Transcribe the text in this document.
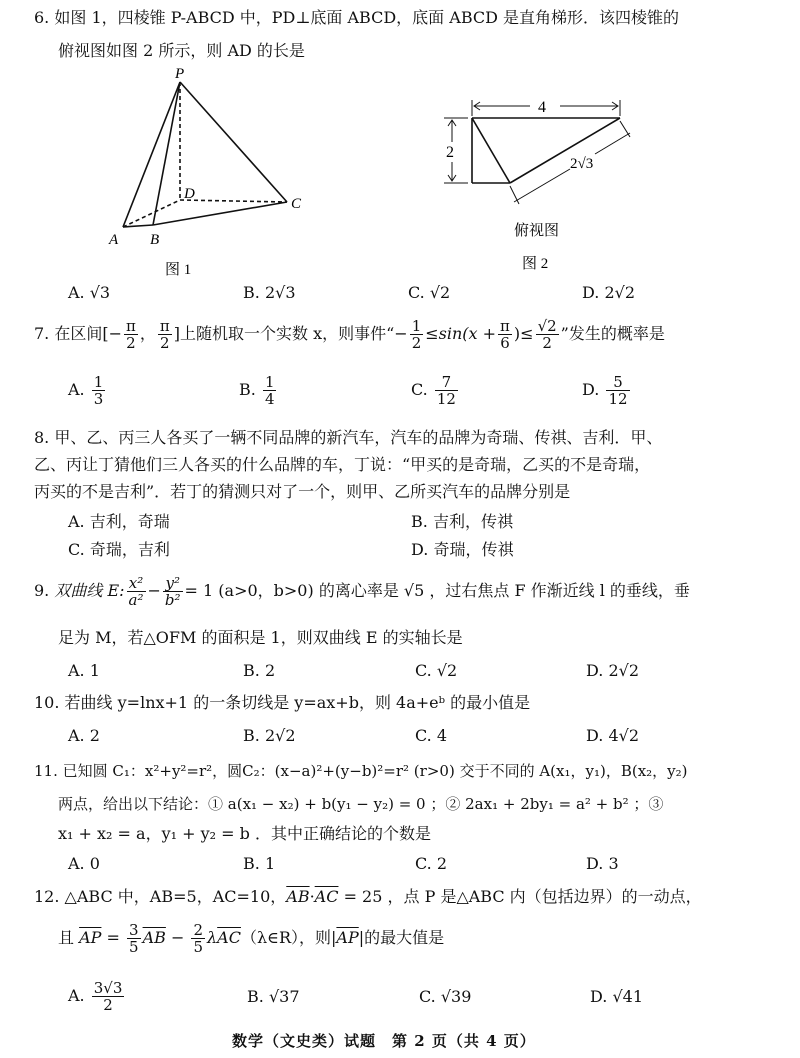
6. 如图 1，四棱锥 P-ABCD 中，PD⊥底面 ABCD，底面 ABCD 是直角梯形．该四棱锥的
俯视图如图 2 所示，则 AD 的长是
P
D
A B
C
图 1
4
2
2√3
俯视图
图 2
A. √3	B. 2√3	C. √2	D. 2√2
7. 在区间[− $\frac{\pi}{2}$ ， $\frac{\pi}{2}$ ]上随机取一个实数 x，则事件“− $\frac{1}{2} \le\sin(x + \frac{\pi}{6}$ )≤ $\frac{√2}{2}$ ”发生的概率是
A. $\frac{1}{3}$	B. $\frac{1}{4}$	C. $\frac{7}{12}$	D. $\frac{5}{12}$
8. 甲、乙、丙三人各买了一辆不同品牌的新汽车，汽车的品牌为奇瑞、传祺、吉利．甲、
乙、丙让丁猜他们三人各买的什么品牌的车，丁说：“甲买的是奇瑞，乙买的不是奇瑞，
丙买的不是吉利”．若丁的猜测只对了一个，则甲、乙所买汽车的品牌分别是
A. 吉利，奇瑞	B. 吉利，传祺
C. 奇瑞，吉利	D. 奇瑞，传祺
9. 双曲线 E: $\frac{\text{x²}}{\text{a²}} - \frac{\text{y²}}{\text{b²}} = 1$ (a>0，b>0) 的离心率是 √5 ，过右焦点 F 作渐近线 l 的垂线，垂
足为 M，若△OFM 的面积是 1，则双曲线 E 的实轴长是
A. 1	B. 2	C. √2	D. 2√2
10. 若曲线 y=lnx+1 的一条切线是 y=ax+b，则 4a+eᵇ 的最小值是
A. 2	B. 2√2	C. 4	D. 4√2
11. 已知圆 C₁：x²+y²=r²，圆C₂：(x−a)²+(y−b)²=r² (r>0) 交于不同的 A(x₁，y₁)，B(x₂，y₂)
两点，给出以下结论：① a(x₁ − x₂) + b(y₁ − y₂) = 0 ；② 2ax₁ + 2by₁ = a² + b² ；③
x₁ + x₂ = a，y₁ + y₂ = b ．其中正确结论的个数是
A. 0	B. 1	C. 2	D. 3
12. △ABC 中，AB=5，AC=10，$\overline{AB}\cdot\overline{AC} = 25$ ，点 P 是△ABC 内（包括边界）的一动点，
且 $\overline{AP} = \frac{3}{5} \overline{AB} - \frac{2}{5}$ $\lambda\overline{AC}(\lambda\in R)$，则$|\overline{AP}|$的最大值是
A. $\frac{3√3}{2}$	B. √37	C. √39	D. √41
数学（文史类）试题　第 2 页（共 4 页）
